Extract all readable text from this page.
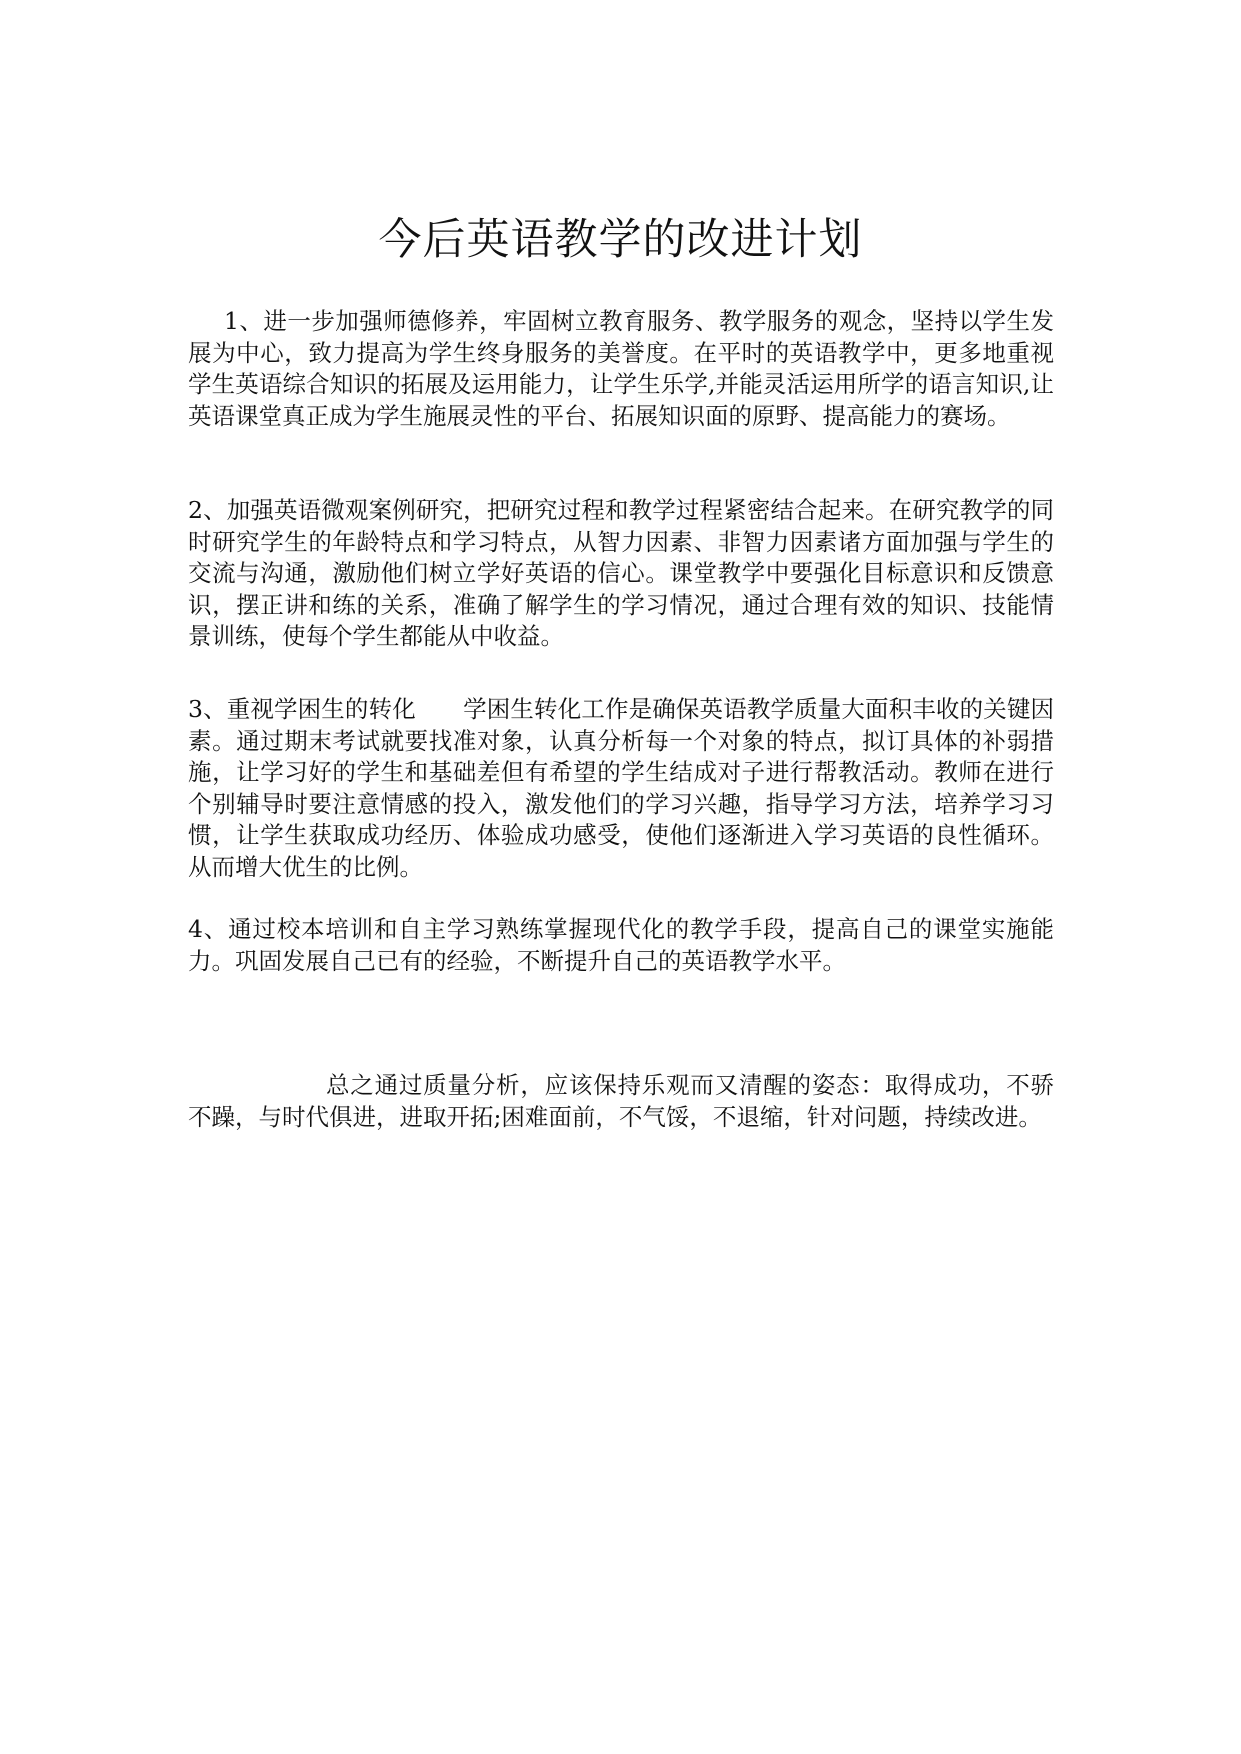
今后英语教学的改进计划

1、进一步加强师德修养，牢固树立教育服务、教学服务的观念，坚持以学生发展为中心，致力提高为学生终身服务的美誉度。在平时的英语教学中，更多地重视学生英语综合知识的拓展及运用能力，让学生乐学,并能灵活运用所学的语言知识,让英语课堂真正成为学生施展灵性的平台、拓展知识面的原野、提高能力的赛场。

2、加强英语微观案例研究，把研究过程和教学过程紧密结合起来。在研究教学的同时研究学生的年龄特点和学习特点，从智力因素、非智力因素诸方面加强与学生的交流与沟通，激励他们树立学好英语的信心。课堂教学中要强化目标意识和反馈意识，摆正讲和练的关系，准确了解学生的学习情况，通过合理有效的知识、技能情景训练，使每个学生都能从中收益。

3、重视学困生的转化　　学困生转化工作是确保英语教学质量大面积丰收的关键因素。通过期末考试就要找准对象，认真分析每一个对象的特点，拟订具体的补弱措施，让学习好的学生和基础差但有希望的学生结成对子进行帮教活动。教师在进行个别辅导时要注意情感的投入，激发他们的学习兴趣，指导学习方法，培养学习习惯，让学生获取成功经历、体验成功感受，使他们逐渐进入学习英语的良性循环。从而增大优生的比例。

4、通过校本培训和自主学习熟练掌握现代化的教学手段，提高自己的课堂实施能力。巩固发展自己已有的经验，不断提升自己的英语教学水平。

总之通过质量分析，应该保持乐观而又清醒的姿态：取得成功，不骄不躁，与时代俱进，进取开拓;困难面前，不气馁，不退缩，针对问题，持续改进。
